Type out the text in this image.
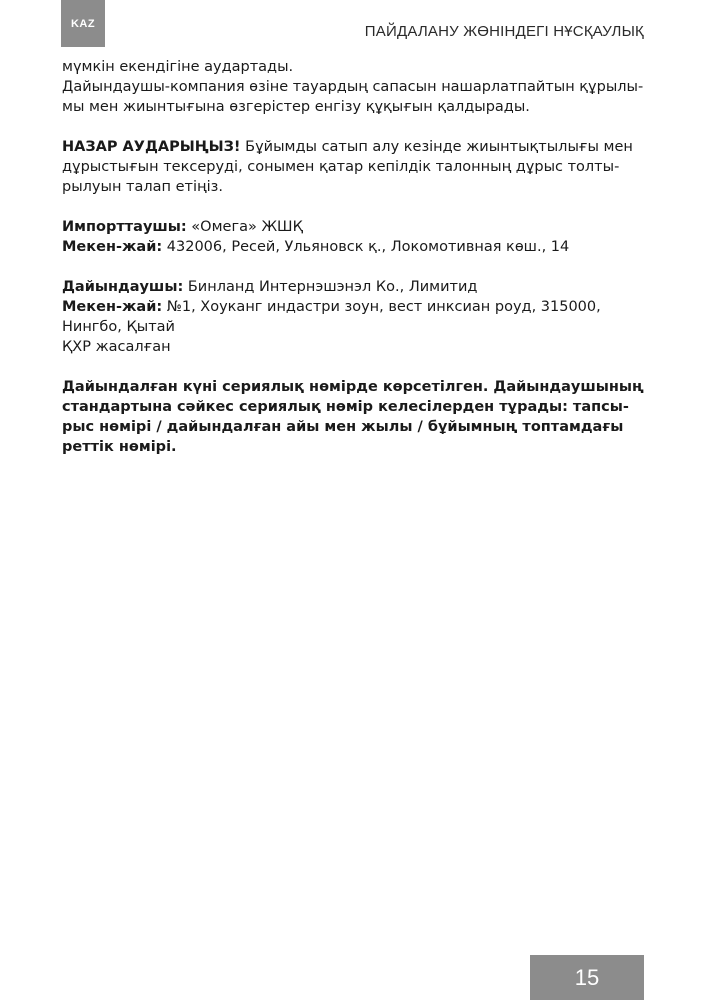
KAZ	ПАЙДАЛАНУ ЖӨНІНДЕГІ НҰСҚАУЛЫҚ

мүмкін екендігіне аудартады.

Дайындаушы-компания өзіне тауардың сапасын нашарлатпайтын құрылы-

мы мен жиынтығына өзгерістер енгізу құқығын қалдырады.

НАЗАР АУДАРЫҢЫЗ! Бұйымды сатып алу кезінде жиынтықтылығы мен

дұрыстығын тексеруді, сонымен қатар кепілдік талонның дұрыс толты-

рылуын талап етіңіз.

Импорттаушы: «Омега» ЖШҚ

Мекен-жай: 432006, Ресей, Ульяновск қ., Локомотивная көш., 14

Дайындаушы: Бинланд Интернэшэнэл Ко., Лимитид

Мекен-жай: №1, Хоуканг индастри зоун, вест инксиан роуд, 315000,

Нингбо, Қытай

ҚХР жасалған

Дайындалған күні сериялық нөмірде көрсетілген. Дайындаушының

стандартына сәйкес сериялық нөмір келесілерден тұрады: тапсы-

рыс нөмірі / дайындалған айы мен жылы / бұйымның топтамдағы

реттік нөмірі.

15
